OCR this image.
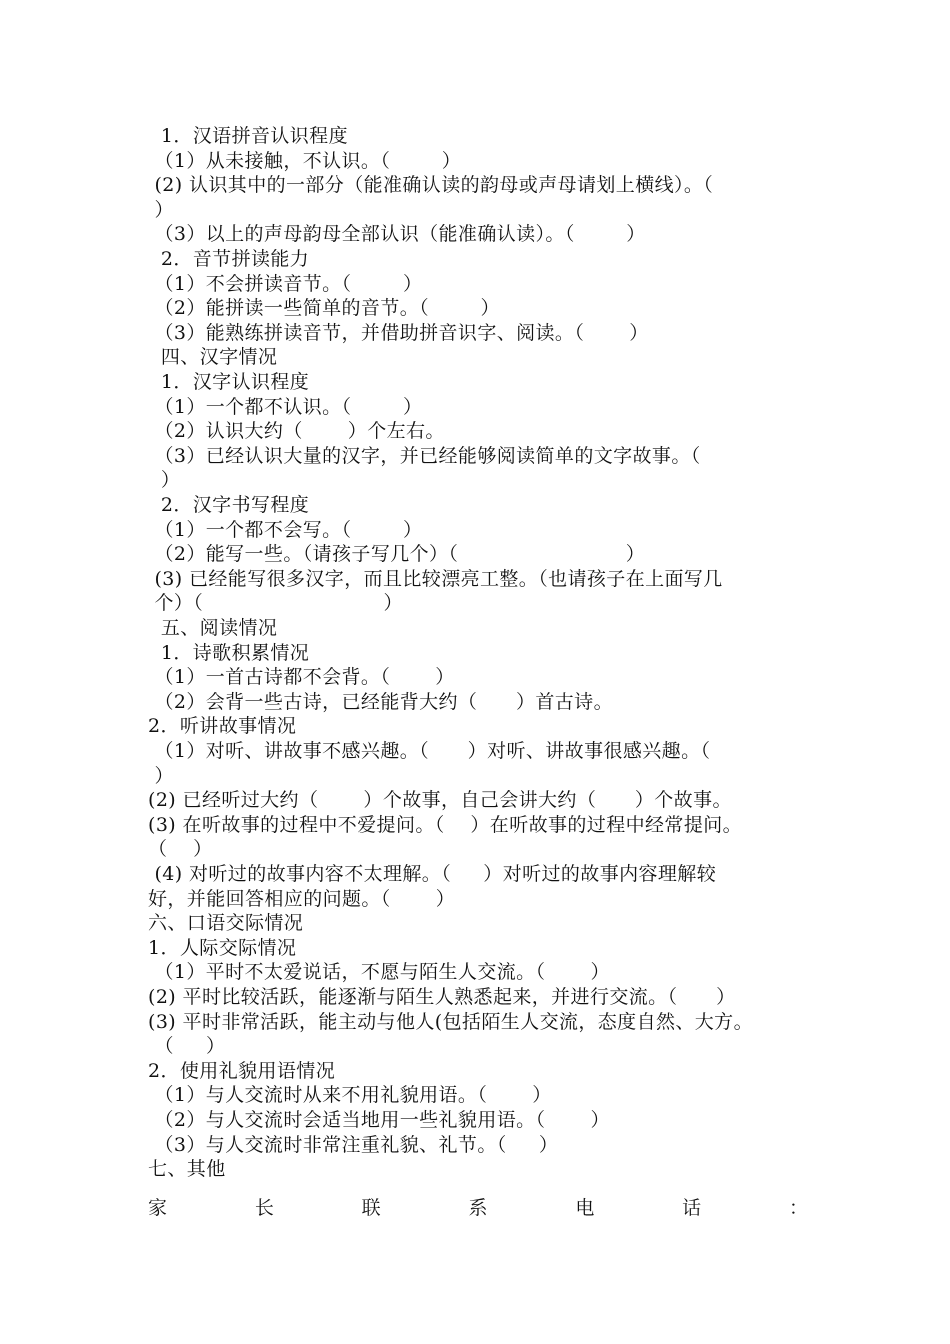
1．汉语拼音认识程度
（1）从未接触，不认识。（        ）
(2) 认识其中的一部分（能准确认读的韵母或声母请划上横线）。（
）
（3）以上的声母韵母全部认识（能准确认读）。（        ）
2．音节拼读能力
（1）不会拼读音节。（        ）
（2）能拼读一些简单的音节。（        ）
（3）能熟练拼读音节，并借助拼音识字、阅读。（       ）
四、汉字情况
1．汉字认识程度
（1）一个都不认识。（        ）
（2）认识大约（       ）个左右。
（3）已经认识大量的汉字，并已经能够阅读简单的文字故事。（
）
2．汉字书写程度
（1）一个都不会写。（        ）
（2）能写一些。（请孩子写几个）（                          ）
(3) 已经能写很多汉字，而且比较漂亮工整。（也请孩子在上面写几
个）（                            ）
五、阅读情况
1．诗歌积累情况
（1）一首古诗都不会背。（       ）
（2）会背一些古诗，已经能背大约（      ）首古诗。
2．听讲故事情况
（1）对听、讲故事不感兴趣。（      ）对听、讲故事很感兴趣。（
）
(2) 已经听过大约（       ）个故事，自己会讲大约（      ）个故事。
(3) 在听故事的过程中不爱提问。（    ）在听故事的过程中经常提问。
（    ）
(4) 对听过的故事内容不太理解。（     ）对听过的故事内容理解较
好，并能回答相应的问题。（       ）
六、口语交际情况
1．人际交际情况
（1）平时不太爱说话，不愿与陌生人交流。（       ）
(2) 平时比较活跃，能逐渐与陌生人熟悉起来，并进行交流。（      ）
(3) 平时非常活跃，能主动与他人(包括陌生人交流，态度自然、大方。
（     ）
2．使用礼貌用语情况
（1）与人交流时从来不用礼貌用语。（       ）
（2）与人交流时会适当地用一些礼貌用语。（       ）
（3）与人交流时非常注重礼貌、礼节。（     ）
七、其他
家	长	联	系	电	话	：
